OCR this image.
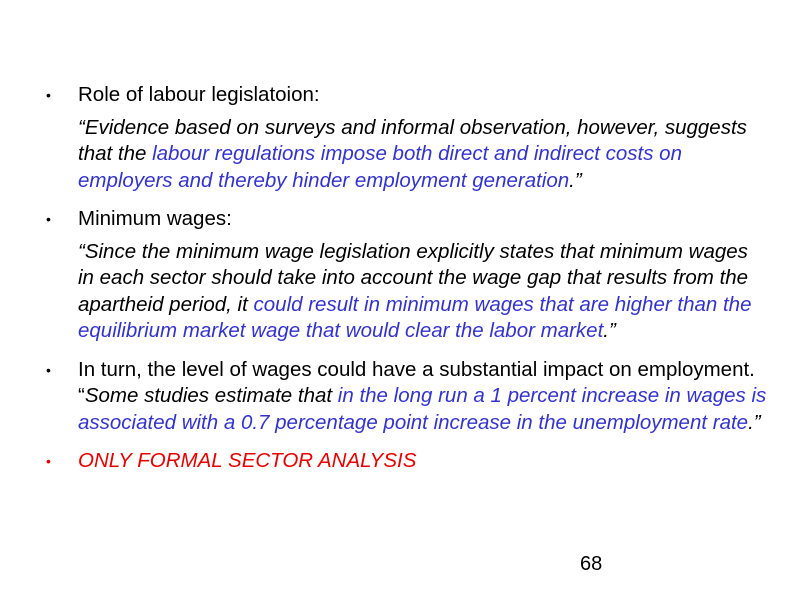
• Role of labour legislatoion:
“Evidence based on surveys and informal observation, however, suggests that the labour regulations impose both direct and indirect costs on employers and thereby hinder employment generation.”
• Minimum wages:
“Since the minimum wage legislation explicitly states that minimum wages in each sector should take into account the wage gap that results from the apartheid period, it could result in minimum wages that are higher than the equilibrium market wage that would clear the labor market.”
• In turn, the level of wages could have a substantial impact on employment. “Some studies estimate that in the long run a 1 percent increase in wages is associated with a 0.7 percentage point increase in the unemployment rate.”
• ONLY FORMAL SECTOR ANALYSIS
68
